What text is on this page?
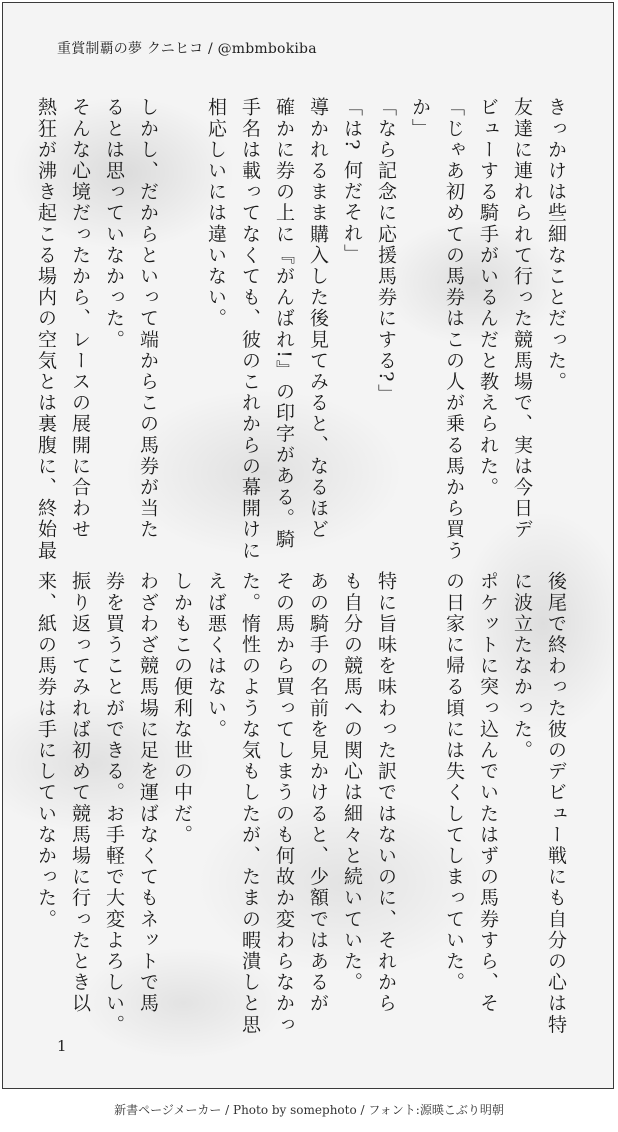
重賞制覇の夢 クニヒコ / @mbmbokiba
きっかけは些細なことだった。
友達に連れられて行った競馬場で、実は今日デ
ビューする騎手がいるんだと教えられた。
「じゃあ初めての馬券はこの人が乗る馬から買う
か」
「なら記念に応援馬券にする?」
「は? 何だそれ」
導かれるまま購入した後見てみると、なるほど
確かに券の上に『がんばれ!』の印字がある。騎
手名は載ってなくても、彼のこれからの幕開けに
相応しいには違いない。

しかし、だからといって端からこの馬券が当た
るとは思っていなかった。
そんな心境だったから、レースの展開に合わせ
熱狂が沸き起こる場内の空気とは裏腹に、終始最
後尾で終わった彼のデビュー戦にも自分の心は特
に波立たなかった。
ポケットに突っ込んでいたはずの馬券すら、そ
の日家に帰る頃には失くしてしまっていた。

特に旨味を味わった訳ではないのに、それから
も自分の競馬への関心は細々と続いていた。
あの騎手の名前を見かけると、少額ではあるが
その馬から買ってしまうのも何故か変わらなかっ
た。惰性のような気もしたが、たまの暇潰しと思
えば悪くはない。
しかもこの便利な世の中だ。
わざわざ競馬場に足を運ばなくてもネットで馬
券を買うことができる。お手軽で大変よろしい。
振り返ってみれば初めて競馬場に行ったとき以
来、紙の馬券は手にしていなかった。
1
新書ページメーカー / Photo by somephoto / フォント:源暎こぶり明朝
